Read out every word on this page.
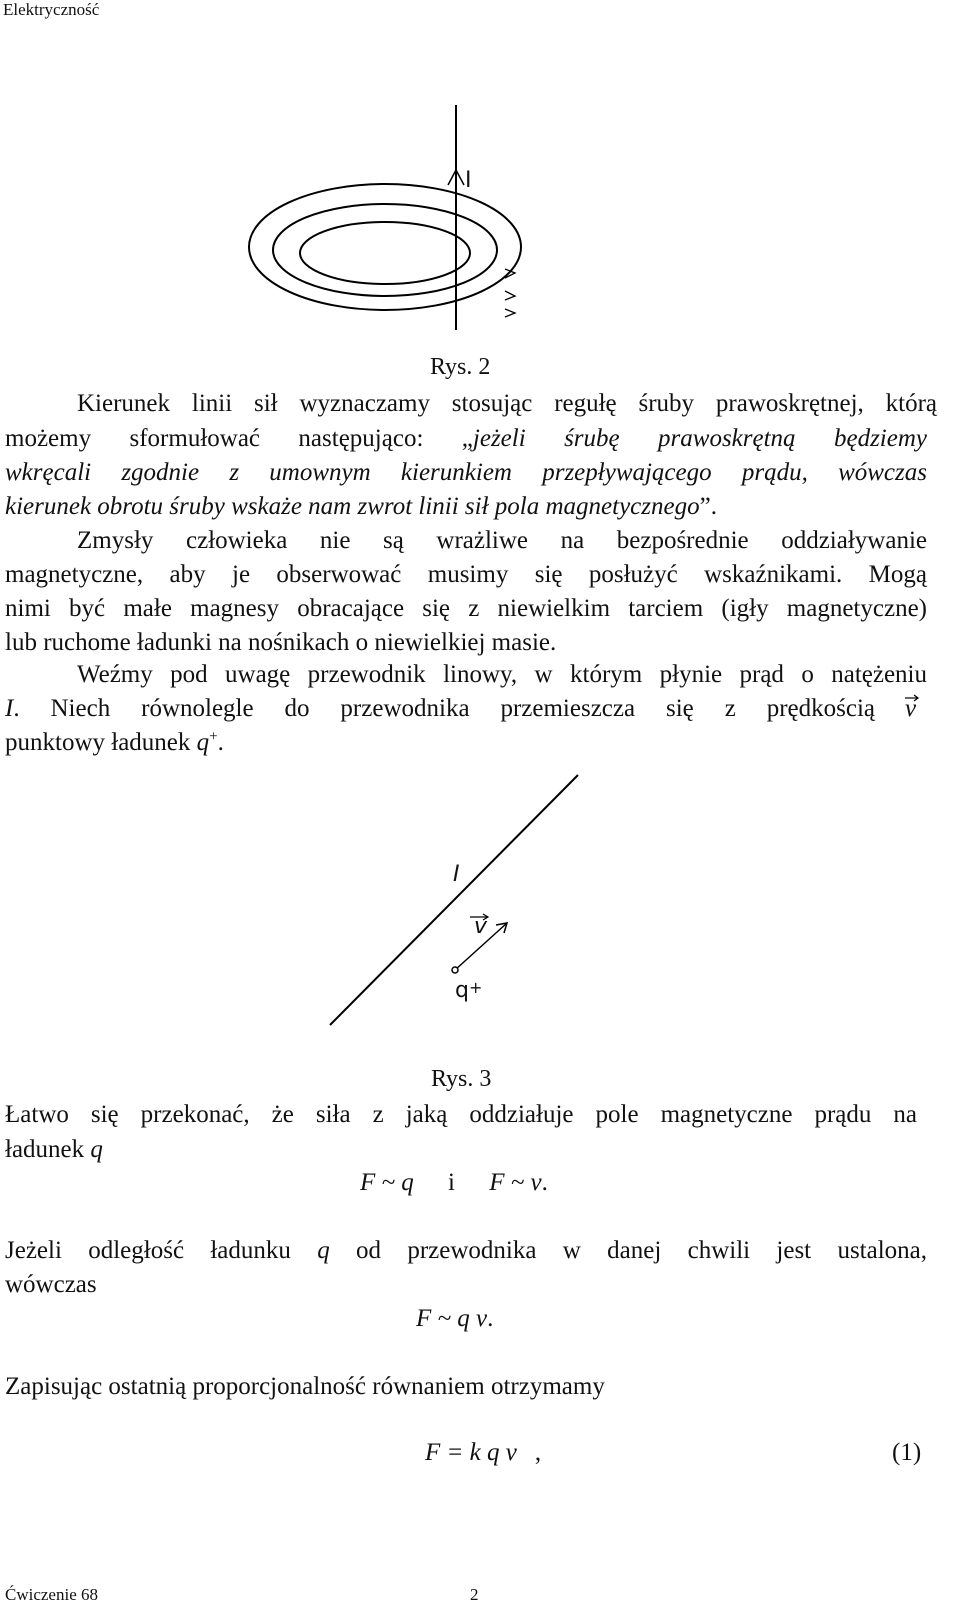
Elektryczność
I
Rys. 2
Kierunek linii sił wyznaczamy stosując regułę śruby prawoskrętnej, którą
możemy sformułować następująco: „jeżeli śrubę prawoskrętną będziemy
wkręcali zgodnie z umownym kierunkiem przepływającego prądu, wówczas
kierunek obrotu śruby wskaże nam zwrot linii sił pola magnetycznego”.
Zmysły człowieka nie są wrażliwe na bezpośrednie oddziaływanie
magnetyczne, aby je obserwować musimy się posłużyć wskaźnikami. Mogą
nimi być małe magnesy obracające się z niewielkim tarciem (igły magnetyczne)
lub ruchome ładunki na nośnikach o niewielkiej masie.
Weźmy pod uwagę przewodnik linowy, w którym płynie prąd o natężeniu
I. Niech równolegle do przewodnika przemieszcza się z prędkością v
punktowy ładunek q+.
I
v
q+
Rys. 3
Łatwo się przekonać, że siła z jaką oddziałuje pole magnetyczne prądu na
ładunek q
F ~ q i F ~ v.
Jeżeli odległość ładunku q od przewodnika w danej chwili jest ustalona,
wówczas
F ~ q v.
Zapisując ostatnią proporcjonalność równaniem otrzymamy
F = k q v ,	(1)
Ćwiczenie 68	2
